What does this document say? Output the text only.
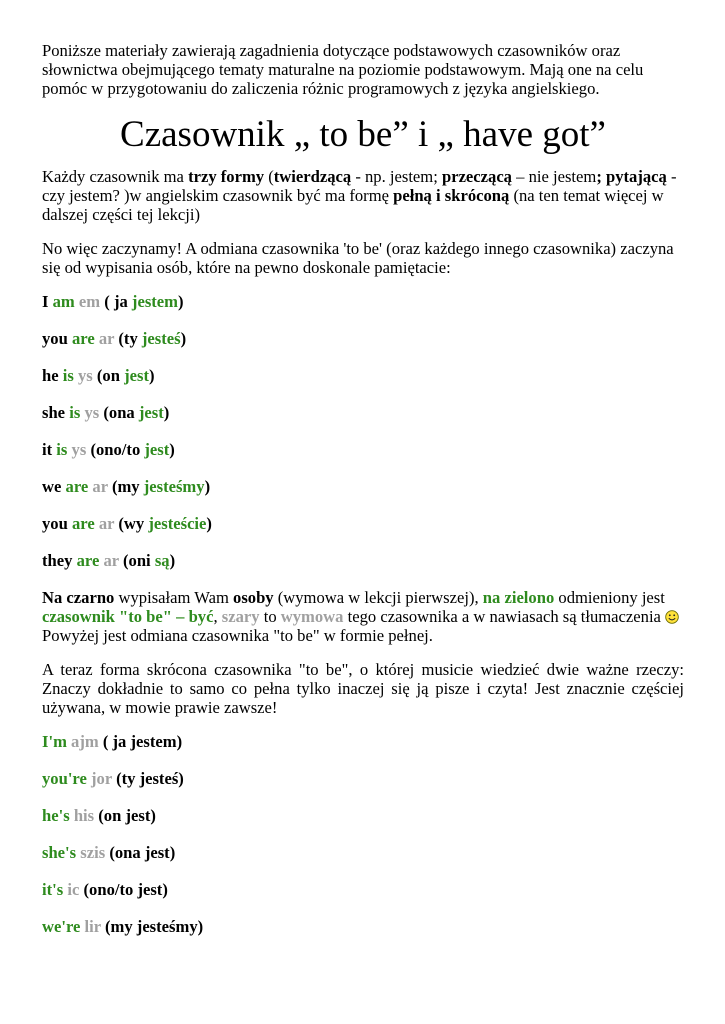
Poniższe materiały zawierają zagadnienia dotyczące podstawowych czasowników oraz słownictwa obejmującego tematy maturalne na poziomie podstawowym. Mają one na celu pomóc w przygotowaniu do zaliczenia różnic programowych z języka angielskiego.

Czasownik „ to be” i „ have got”

Każdy czasownik ma trzy formy (twierdzącą - np. jestem; przeczącą – nie jestem; pytającą - czy jestem? )w angielskim czasownik być ma formę pełną i skróconą (na ten temat więcej w dalszej części tej lekcji)

No więc zaczynamy! A odmiana czasownika 'to be' (oraz każdego innego czasownika) zaczyna się od wypisania osób, które na pewno doskonale pamiętacie:

I am em ( ja jestem)

you are ar (ty jesteś)

he is ys (on jest)

she is ys (ona jest)

it is ys (ono/to jest)

we are ar (my jesteśmy)

you are ar (wy jesteście)

they are ar (oni są)

Na czarno wypisałam Wam osoby (wymowa w lekcji pierwszej), na zielono odmieniony jest czasownik "to be" – być, szary to wymowa tego czasownika a w nawiasach są tłumaczenia Powyżej jest odmiana czasownika "to be" w formie pełnej.

A teraz forma skrócona czasownika "to be", o której musicie wiedzieć dwie ważne rzeczy: Znaczy dokładnie to samo co pełna tylko inaczej się ją pisze i czyta! Jest znacznie częściej używana, w mowie prawie zawsze!

I'm ajm ( ja jestem)

you're jor (ty jesteś)

he's his (on jest)

she's szis (ona jest)

it's ic (ono/to jest)

we're lir (my jesteśmy)
